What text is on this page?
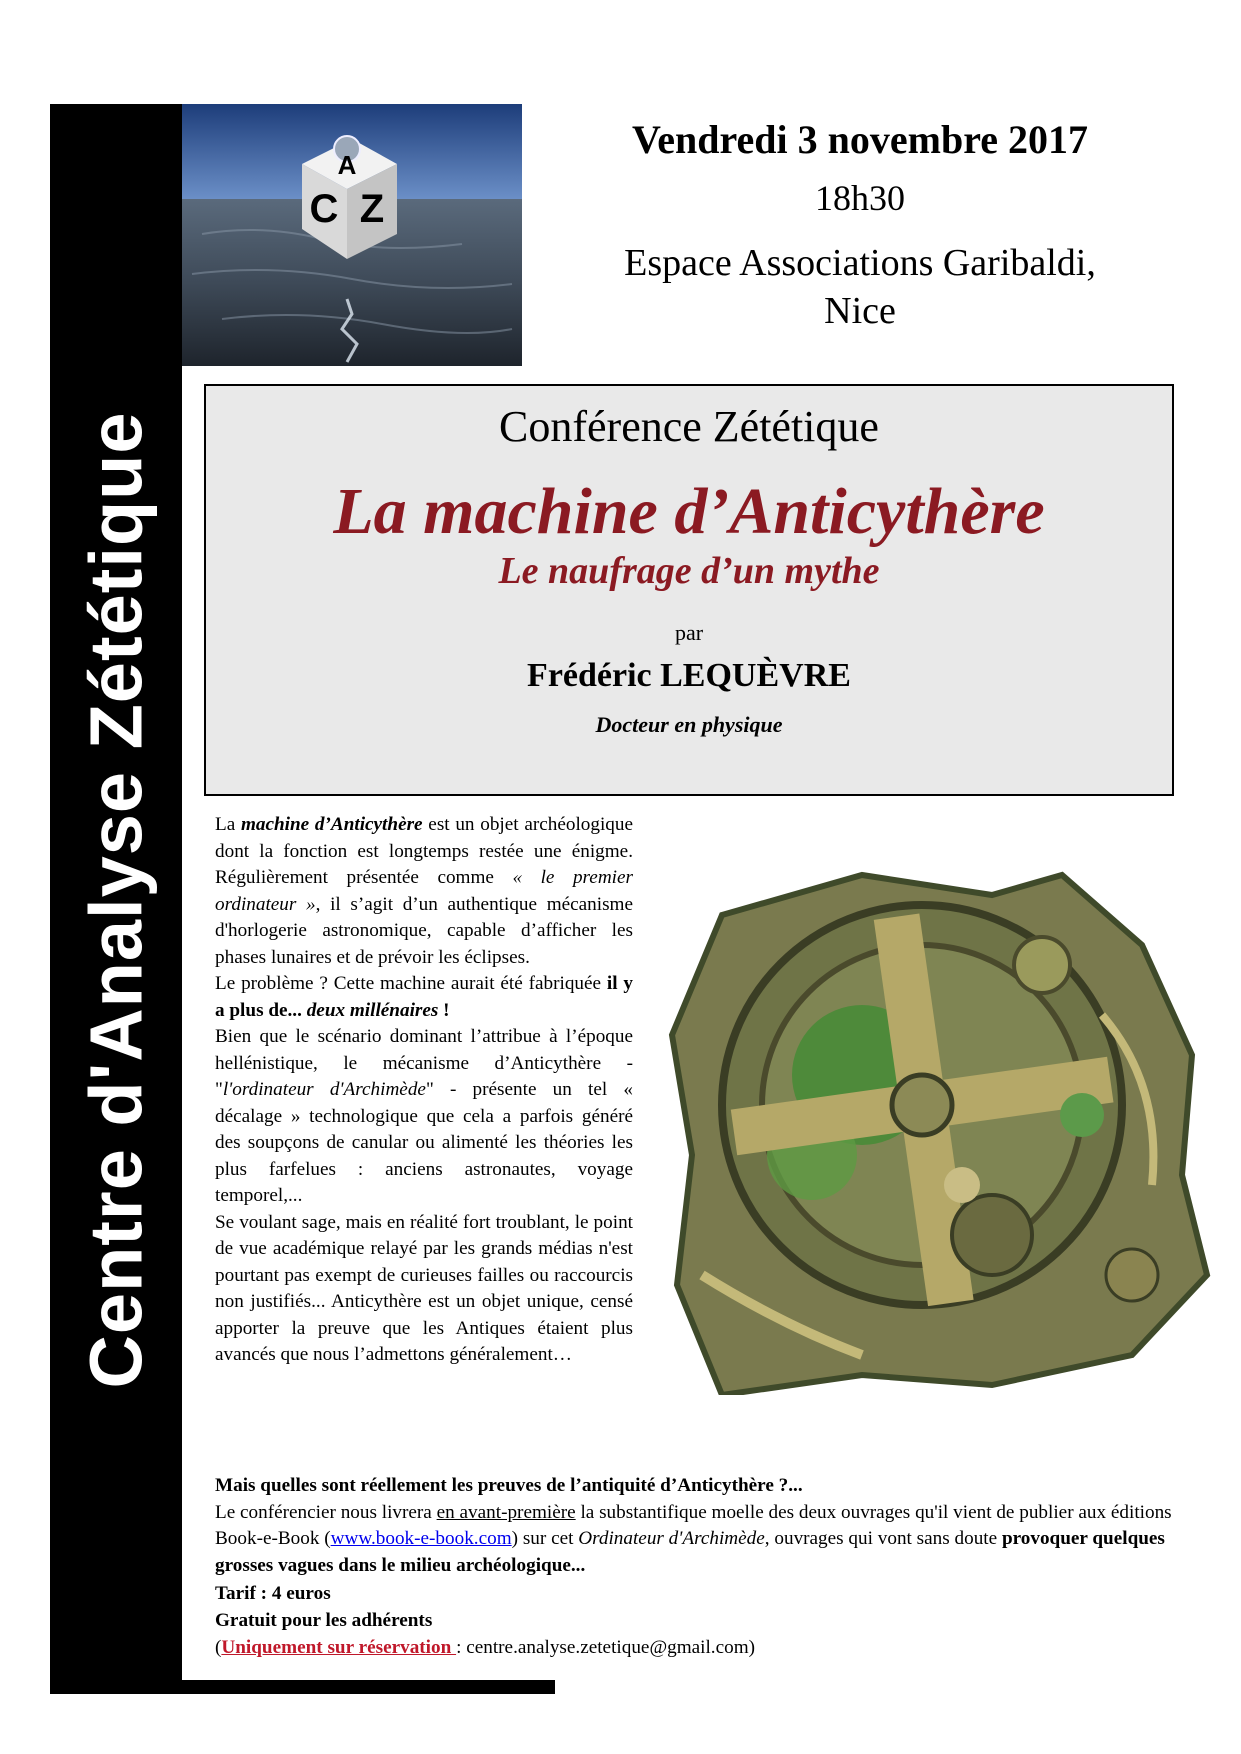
Centre d'Analyse Zététique
A
C Z
Vendredi 3 novembre 2017
18h30
Espace Associations Garibaldi,
Nice
Conférence Zététique
La machine d’Anticythère
Le naufrage d’un mythe
par
Frédéric LEQUÈVRE
Docteur en physique

La machine d’Anticythère est un objet archéologique dont la fonction est longtemps restée une énigme. Régulièrement présentée comme « le premier ordinateur », il s’agit d’un authentique mécanisme d'horlogerie astronomique, capable d’afficher les phases lunaires et de prévoir les éclipses.

Le problème ? Cette machine aurait été fabriquée il y a plus de... deux millénaires !

Bien que le scénario dominant l’attribue à l’époque hellénistique, le mécanisme d’Anticythère - "l'ordinateur d'Archimède" - présente un tel « décalage » technologique que cela a parfois généré des soupçons de canular ou alimenté les théories les plus farfelues : anciens astronautes, voyage temporel,...

Se voulant sage, mais en réalité fort troublant, le point de vue académique relayé par les grands médias n'est pourtant pas exempt de curieuses failles ou raccourcis non justifiés... Anticythère est un objet unique, censé apporter la preuve que les Antiques étaient plus avancés que nous l’admettons généralement…

Mais quelles sont réellement les preuves de l’antiquité d’Anticythère ?...

Le conférencier nous livrera en avant-première la substantifique moelle des deux ouvrages qu'il vient de publier aux éditions Book-e-Book (www.book-e-book.com) sur cet Ordinateur d'Archimède, ouvrages qui vont sans doute provoquer quelques grosses vagues dans le milieu archéologique...

Tarif : 4 euros

Gratuit pour les adhérents

(Uniquement sur réservation : centre.analyse.zetetique@gmail.com)
